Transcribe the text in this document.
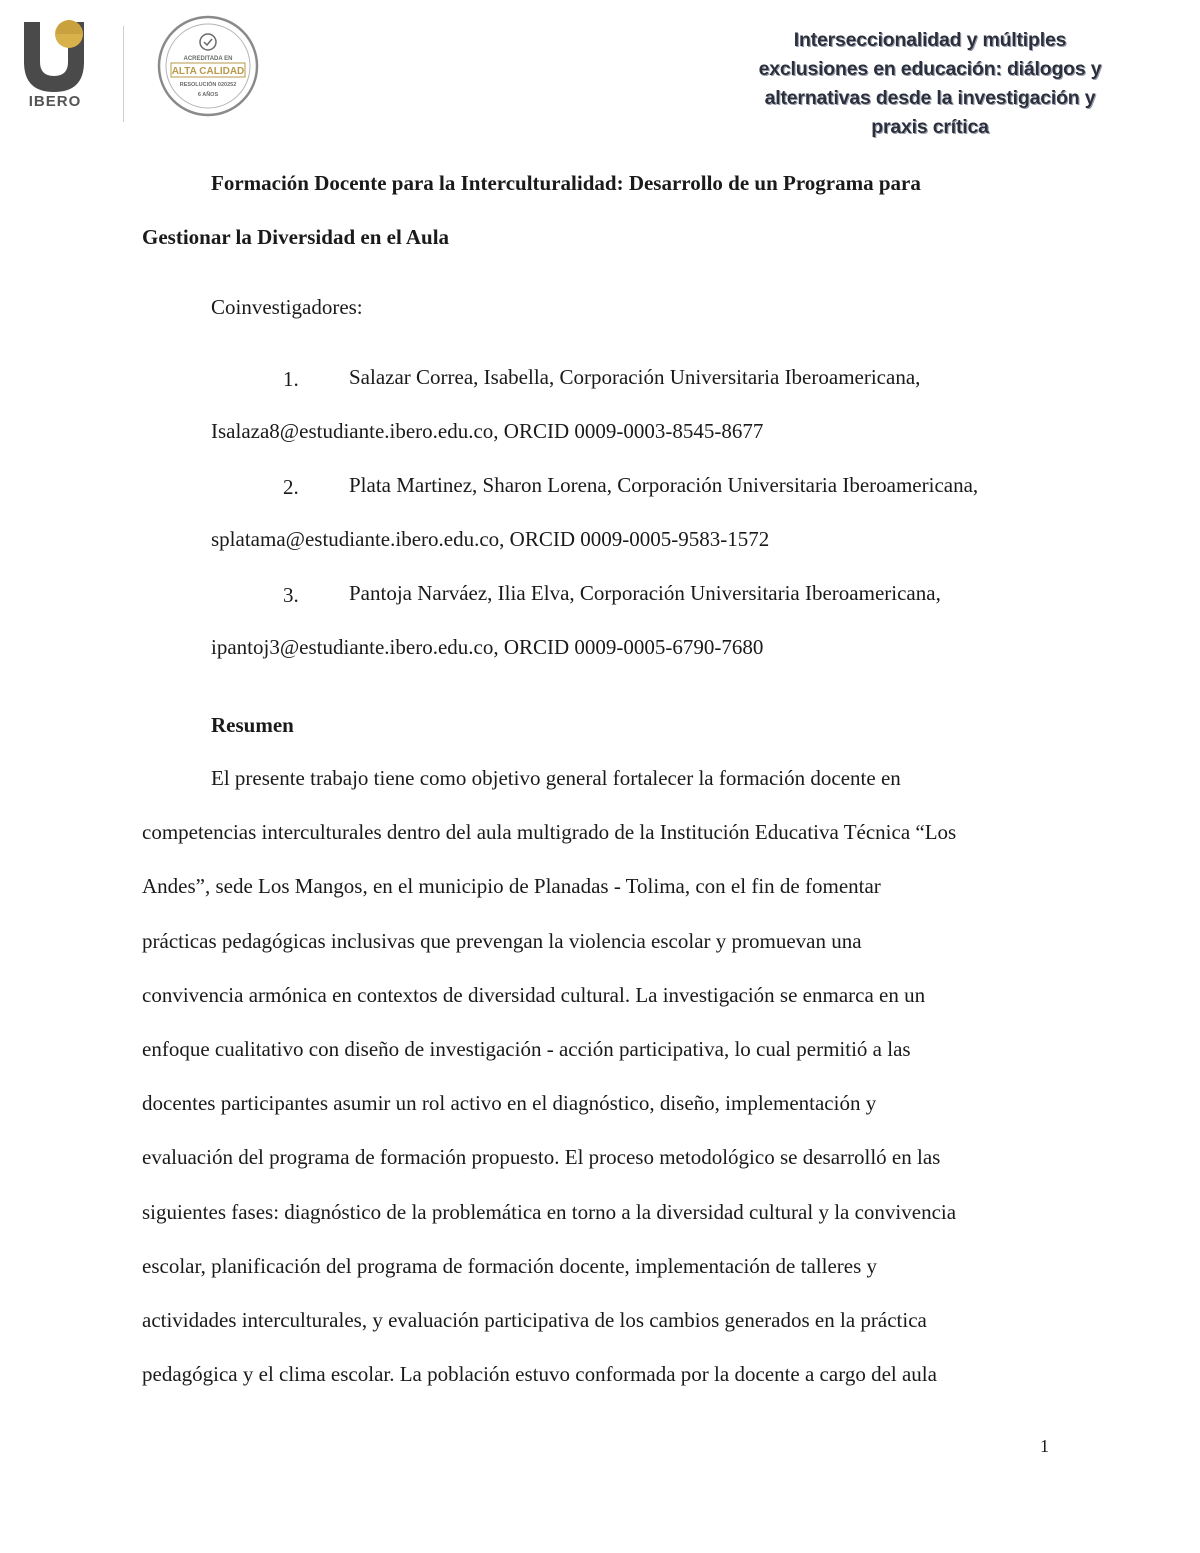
IBERO
ACREDITADA EN
ALTA CALIDAD
RESOLUCIÓN 020252
6 AÑOS
Interseccionalidad y múltiples
exclusiones en educación: diálogos y
alternativas desde la investigación y
praxis crítica
Formación Docente para la Interculturalidad: Desarrollo de un Programa para
Gestionar la Diversidad en el Aula
Coinvestigadores:
1. Salazar Correa, Isabella, Corporación Universitaria Iberoamericana,
Isalaza8@estudiante.ibero.edu.co, ORCID 0009-0003-8545-8677
2. Plata Martinez, Sharon Lorena, Corporación Universitaria Iberoamericana,
splatama@estudiante.ibero.edu.co, ORCID 0009-0005-9583-1572
3. Pantoja Narváez, Ilia Elva, Corporación Universitaria Iberoamericana,
ipantoj3@estudiante.ibero.edu.co, ORCID 0009-0005-6790-7680
Resumen
El presente trabajo tiene como objetivo general fortalecer la formación docente en
competencias interculturales dentro del aula multigrado de la Institución Educativa Técnica “Los
Andes”, sede Los Mangos, en el municipio de Planadas - Tolima, con el fin de fomentar
prácticas pedagógicas inclusivas que prevengan la violencia escolar y promuevan una
convivencia armónica en contextos de diversidad cultural. La investigación se enmarca en un
enfoque cualitativo con diseño de investigación - acción participativa, lo cual permitió a las
docentes participantes asumir un rol activo en el diagnóstico, diseño, implementación y
evaluación del programa de formación propuesto. El proceso metodológico se desarrolló en las
siguientes fases: diagnóstico de la problemática en torno a la diversidad cultural y la convivencia
escolar, planificación del programa de formación docente, implementación de talleres y
actividades interculturales, y evaluación participativa de los cambios generados en la práctica
pedagógica y el clima escolar. La población estuvo conformada por la docente a cargo del aula
1
